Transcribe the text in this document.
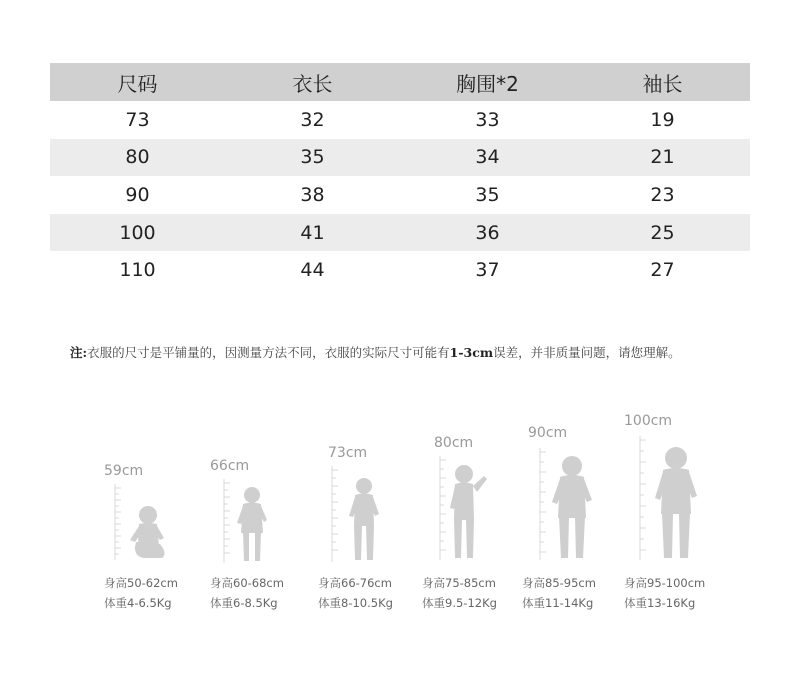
尺码	衣长	胸围*2	袖长
73	32	33	19
80	35	34	21
90	38	35	23
100	41	36	25
110	44	37	27
注:衣服的尺寸是平铺量的，因测量方法不同，衣服的实际尺寸可能有1-3cm误差，并非质量问题，请您理解。
59cm
身高50-62cm
体重4-6.5Kg
66cm
身高60-68cm
体重6-8.5Kg
73cm
身高66-76cm
体重8-10.5Kg
80cm
身高75-85cm
体重9.5-12Kg
90cm
身高85-95cm
体重11-14Kg
100cm
身高95-100cm
体重13-16Kg
